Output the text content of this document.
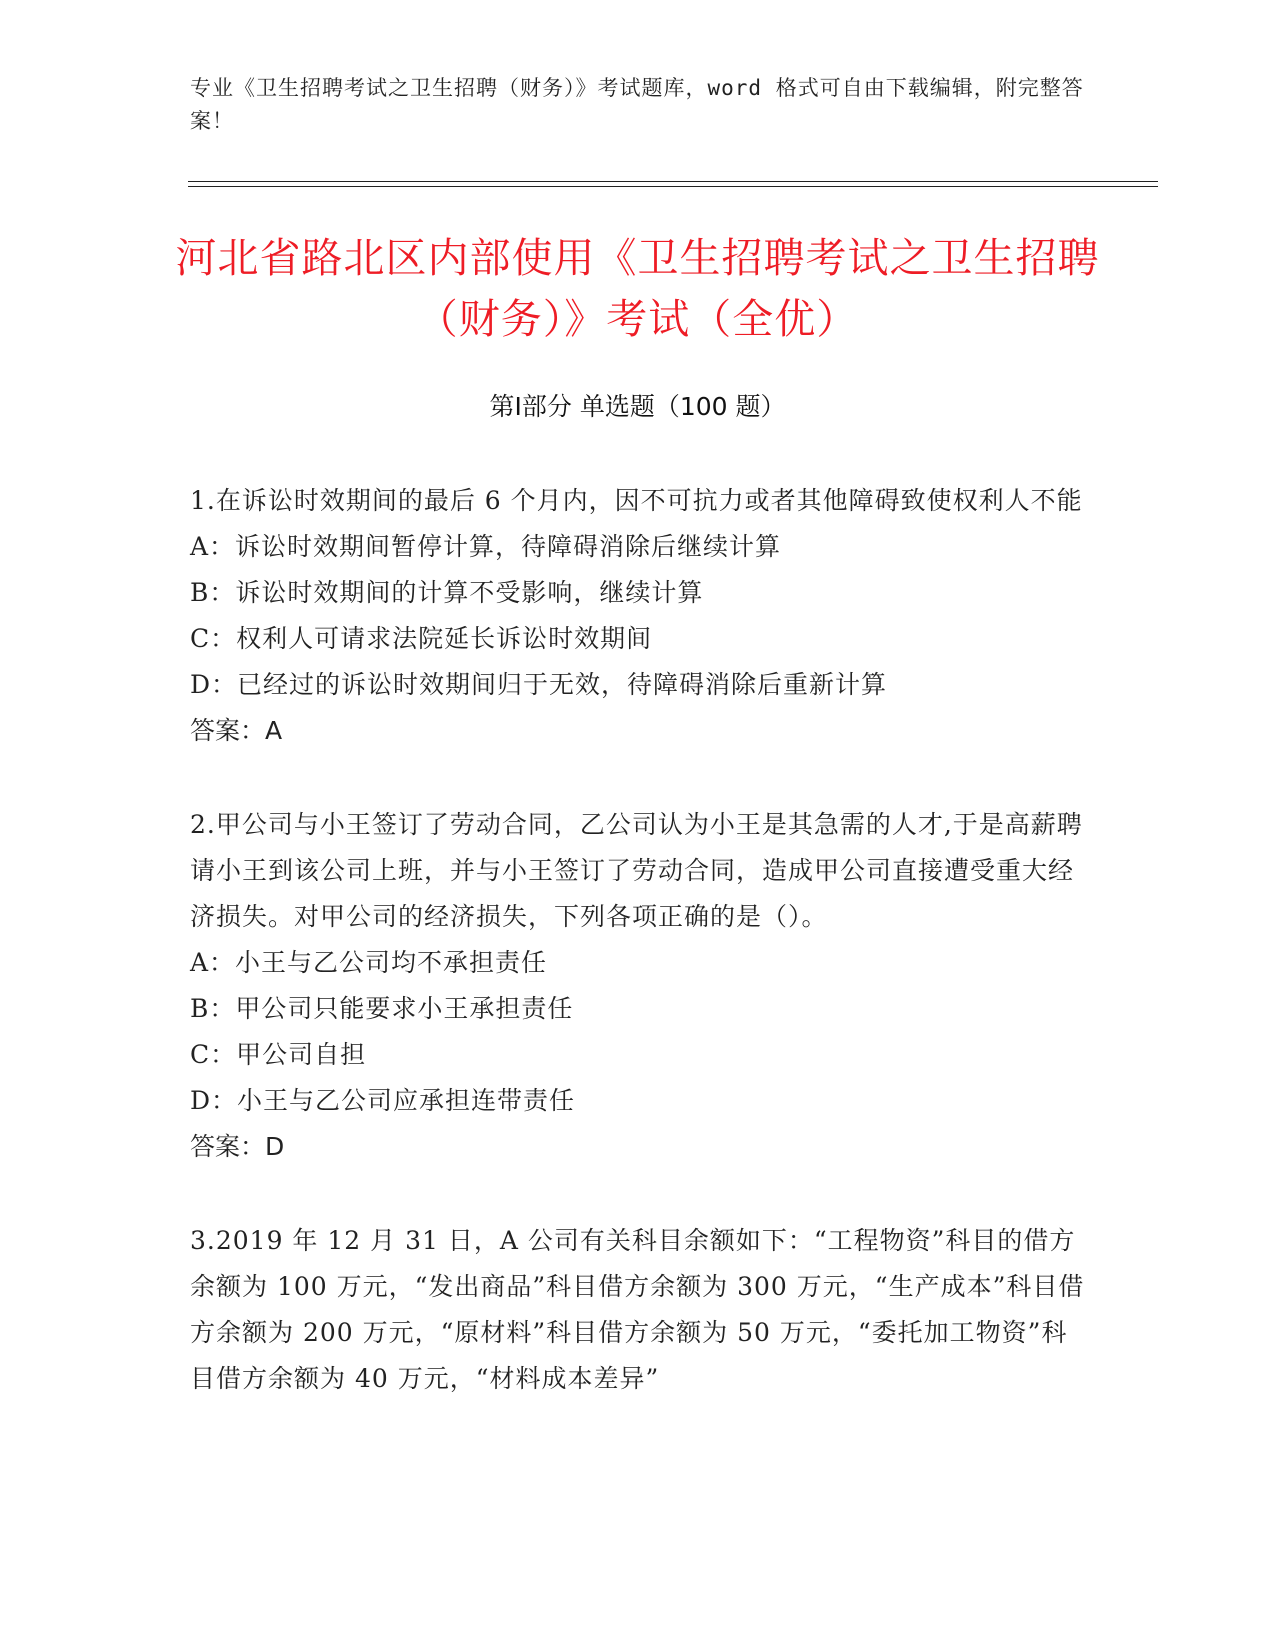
专业《卫生招聘考试之卫生招聘（财务）》考试题库，word 格式可自由下载编辑，附完整答案！
河北省路北区内部使用《卫生招聘考试之卫生招聘（财务）》考试（全优）
第Ⅰ部分 单选题（100 题）
1.在诉讼时效期间的最后 6 个月内，因不可抗力或者其他障碍致使权利人不能
A：诉讼时效期间暂停计算，待障碍消除后继续计算
B：诉讼时效期间的计算不受影响，继续计算
C：权利人可请求法院延长诉讼时效期间
D：已经过的诉讼时效期间归于无效，待障碍消除后重新计算
答案：A
2.甲公司与小王签订了劳动合同，乙公司认为小王是其急需的人才,于是高薪聘请小王到该公司上班，并与小王签订了劳动合同，造成甲公司直接遭受重大经济损失。对甲公司的经济损失，下列各项正确的是（）。
A：小王与乙公司均不承担责任
B：甲公司只能要求小王承担责任
C：甲公司自担
D：小王与乙公司应承担连带责任
答案：D
3.2019 年 12 月 31 日，A 公司有关科目余额如下：“工程物资”科目的借方余额为 100 万元，“发出商品”科目借方余额为 300 万元，“生产成本”科目借方余额为 200 万元，“原材料”科目借方余额为 50 万元，“委托加工物资”科目借方余额为 40 万元，“材料成本差异”
